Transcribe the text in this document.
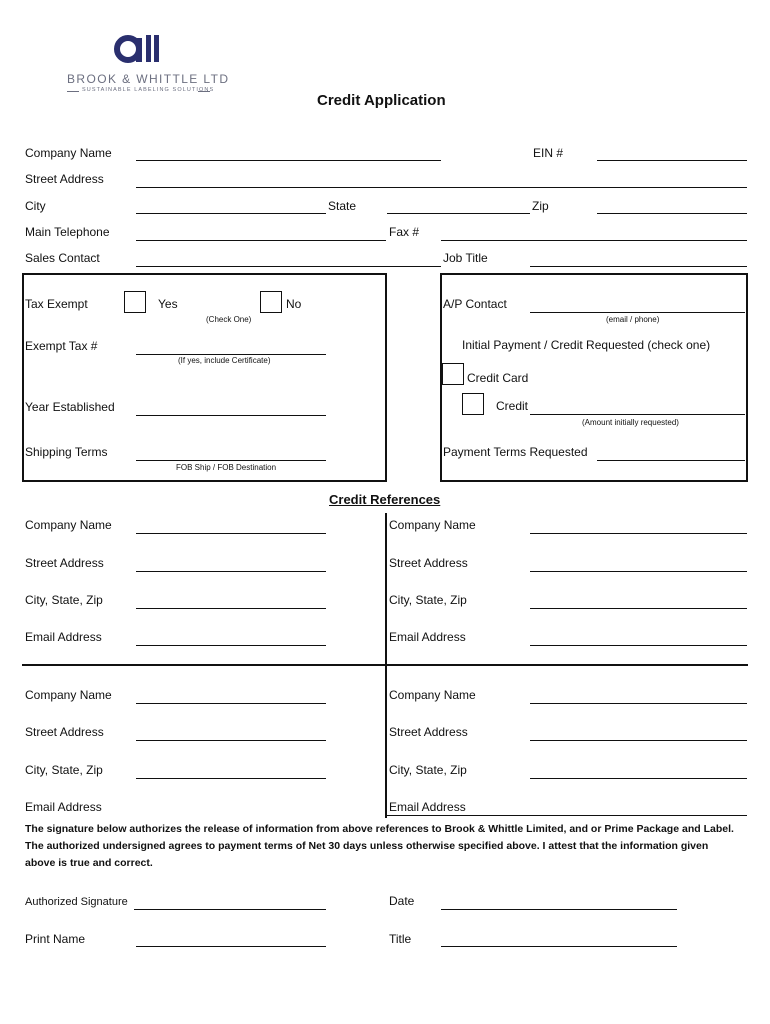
BROOK & WHITTLE LTD
SUSTAINABLE LABELING SOLUTIONS
Credit Application
Company Name	EIN #
Street Address
City	State	Zip
Main Telephone	Fax #
Sales Contact	Job Title
Tax Exempt	Yes	No
(Check One)
Exempt Tax #
(If yes, include Certificate)
Year Established
Shipping Terms
FOB Ship / FOB Destination
A/P Contact
(email / phone)
Initial Payment / Credit Requested (check one)
Credit Card
Credit
(Amount initially requested)
Payment Terms Requested
Credit References
Company Name
Street Address
City, State, Zip
Email Address
Company Name
Street Address
City, State, Zip
Email Address
Company Name
Street Address
City, State, Zip
Email Address
Company Name
Street Address
City, State, Zip
Email Address
The signature below authorizes the release of information from above references to Brook & Whittle Limited, and or Prime Package and Label. The authorized undersigned agrees to payment terms of Net 30 days unless otherwise specified above. I attest that the information given above is true and correct.
Authorized Signature	Date
Print Name	Title
